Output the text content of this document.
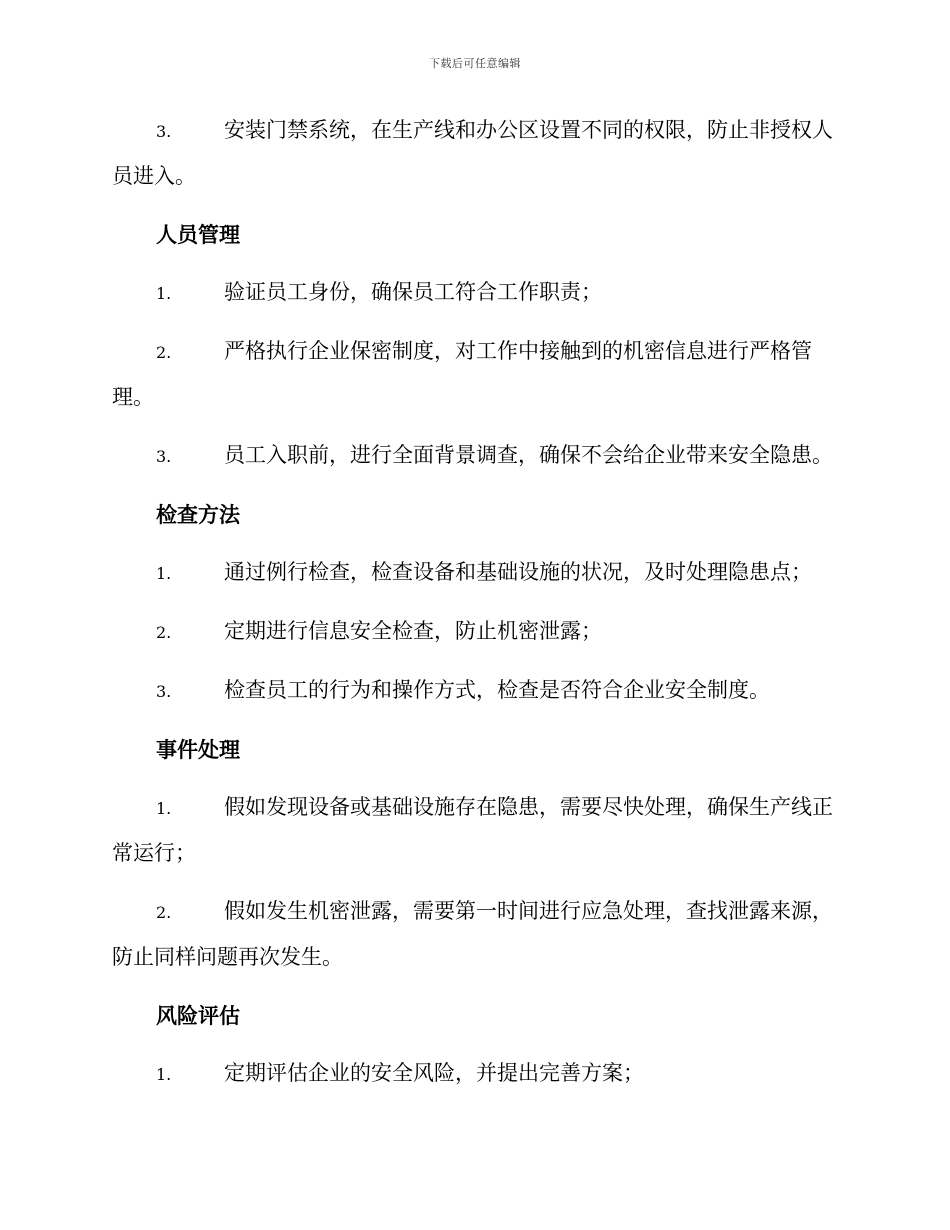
下载后可任意编辑

3.	安装门禁系统，在生产线和办公区设置不同的权限，防止非授权人员进入。

人员管理

1.	验证员工身份，确保员工符合工作职责；

2.	严格执行企业保密制度，对工作中接触到的机密信息进行严格管理。

3.	员工入职前，进行全面背景调查，确保不会给企业带来安全隐患。

检查方法

1.	通过例行检查，检查设备和基础设施的状况，及时处理隐患点；

2.	定期进行信息安全检查，防止机密泄露；

3.	检查员工的行为和操作方式，检查是否符合企业安全制度。

事件处理

1.	假如发现设备或基础设施存在隐患，需要尽快处理，确保生产线正常运行；

2.	假如发生机密泄露，需要第一时间进行应急处理，查找泄露来源，防止同样问题再次发生。

风险评估

1.	定期评估企业的安全风险，并提出完善方案；
